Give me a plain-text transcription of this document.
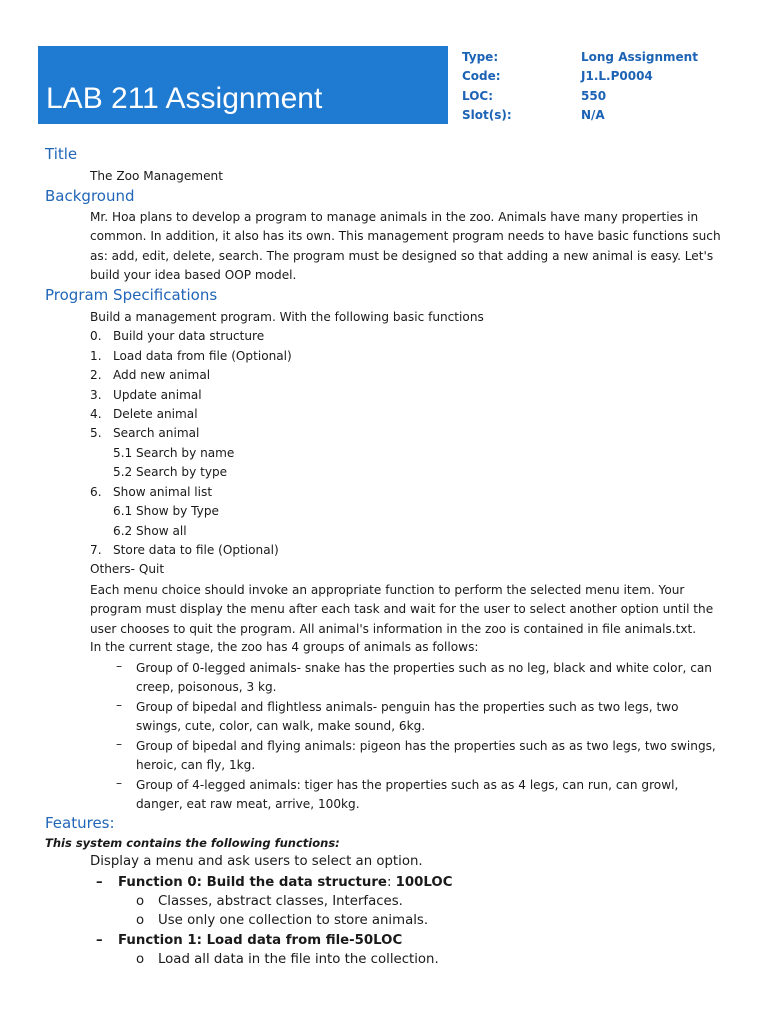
LAB 211 Assignment
Type:	Long Assignment
Code:	J1.L.P0004
LOC:	550
Slot(s):	N/A
Title
The Zoo Management
Background
Mr. Hoa plans to develop a program to manage animals in the zoo. Animals have many properties in common. In addition, it also has its own. This management program needs to have basic functions such as: add, edit, delete, search. The program must be designed so that adding a new animal is easy. Let's build your idea based OOP model.
Program Specifications
Build a management program. With the following basic functions
0. Build your data structure
1. Load data from file (Optional)
2. Add new animal
3. Update animal
4. Delete animal
5. Search animal
5.1 Search by name
5.2 Search by type
6. Show animal list
6.1 Show by Type
6.2 Show all
7. Store data to file (Optional)
Others- Quit
Each menu choice should invoke an appropriate function to perform the selected menu item. Your program must display the menu after each task and wait for the user to select another option until the user chooses to quit the program. All animal's information in the zoo is contained in file animals.txt.
In the current stage, the zoo has 4 groups of animals as follows:
– Group of 0-legged animals- snake has the properties such as no leg, black and white color, can creep, poisonous, 3 kg.
– Group of bipedal and flightless animals- penguin has the properties such as two legs, two swings, cute, color, can walk, make sound, 6kg.
– Group of bipedal and flying animals: pigeon has the properties such as as two legs, two swings, heroic, can fly, 1kg.
– Group of 4-legged animals: tiger has the properties such as as 4 legs, can run, can growl, danger, eat raw meat, arrive, 100kg.
Features:
This system contains the following functions:
Display a menu and ask users to select an option.
– Function 0: Build the data structure: 100LOC
o Classes, abstract classes, Interfaces.
o Use only one collection to store animals.
– Function 1: Load data from file-50LOC
o Load all data in the file into the collection.
